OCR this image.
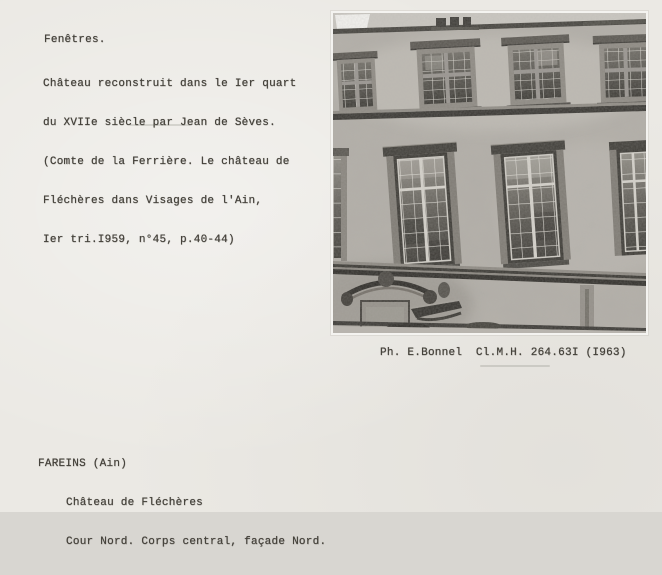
Fenêtres.

Château reconstruit dans le Ier quart

du XVIIe siècle par Jean de Sèves.

(Comte de la Ferrière. Le château de

Fléchères dans Visages de l'Ain,

Ier tri.I959, n°45, p.40-44)

Ph. E.Bonnel  Cl.M.H. 264.63I (I963)

FAREINS (Ain)

Château de Fléchères

Cour Nord. Corps central, façade Nord.
